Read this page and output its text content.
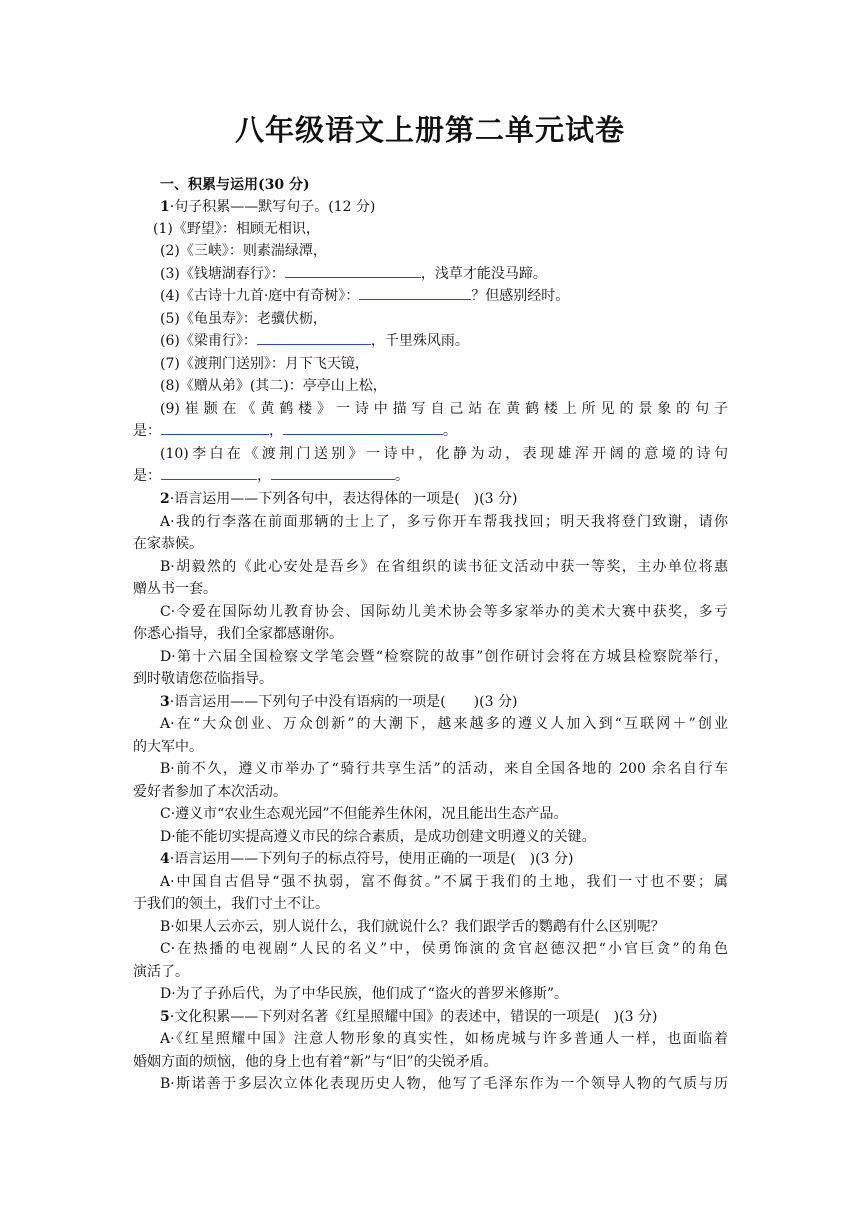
八年级语文上册第二单元试卷
一、积累与运用(30 分)
1·句子积累——默写句子。(12 分)
(1)《野望》：相顾无相识，
(2)《三峡》：则素湍绿潭，
(3)《钱塘湖春行》：	，浅草才能没马蹄。
(4)《古诗十九首·庭中有奇树》：	？但感别经时。
(5)《龟虽寿》：老骥伏枥，
(6)《梁甫行》：	，千里殊风雨。
(7)《渡荆门送别》：月下飞天镜，
(8)《赠从弟》(其二)：亭亭山上松，
(9)崔颢在《黄鹤楼》一诗中描写自己站在黄鹤楼上所见的景象的句子
是：	，	。
(10)李白在《渡荆门送别》一诗中，化静为动，表现雄浑开阔的意境的诗句
是：	，	。
2·语言运用——下列各句中，表达得体的一项是(　)(3 分)
A·我的行李落在前面那辆的士上了，多亏你开车帮我找回；明天我将登门致谢，请你
在家恭候。
B·胡毅然的《此心安处是吾乡》在省组织的读书征文活动中获一等奖，主办单位将惠
赠丛书一套。
C·令爱在国际幼儿教育协会、国际幼儿美术协会等多家举办的美术大赛中获奖，多亏
你悉心指导，我们全家都感谢你。
D·第十六届全国检察文学笔会暨“检察院的故事”创作研讨会将在方城县检察院举行，
到时敬请您莅临指导。
3·语言运用——下列句子中没有语病的一项是(　　)(3 分)
A·在“大众创业、万众创新”的大潮下，越来越多的遵义人加入到“互联网＋”创业
的大军中。
B·前不久，遵义市举办了“骑行共享生活”的活动，来自全国各地的 200 余名自行车
爱好者参加了本次活动。
C·遵义市“农业生态观光园”不但能养生休闲，况且能出生态产品。
D·能不能切实提高遵义市民的综合素质，是成功创建文明遵义的关键。
4·语言运用——下列句子的标点符号，使用正确的一项是(　)(3 分)
A·中国自古倡导“强不执弱，富不侮贫。”不属于我们的土地，我们一寸也不要；属
于我们的领土，我们寸土不让。
B·如果人云亦云，别人说什么，我们就说什么？我们跟学舌的鹦鹉有什么区别呢？
C·在热播的电视剧“人民的名义”中，侯勇饰演的贪官赵德汉把“小官巨贪”的角色
演活了。
D·为了子孙后代，为了中华民族，他们成了“盗火的普罗米修斯”。
5·文化积累——下列对名著《红星照耀中国》的表述中，错误的一项是(　)(3 分)
A·《红星照耀中国》注意人物形象的真实性，如杨虎城与许多普通人一样，也面临着
婚姻方面的烦恼，他的身上也有着“新”与“旧”的尖锐矛盾。
B·斯诺善于多层次立体化表现历史人物，他写了毛泽东作为一个领导人物的气质与历
